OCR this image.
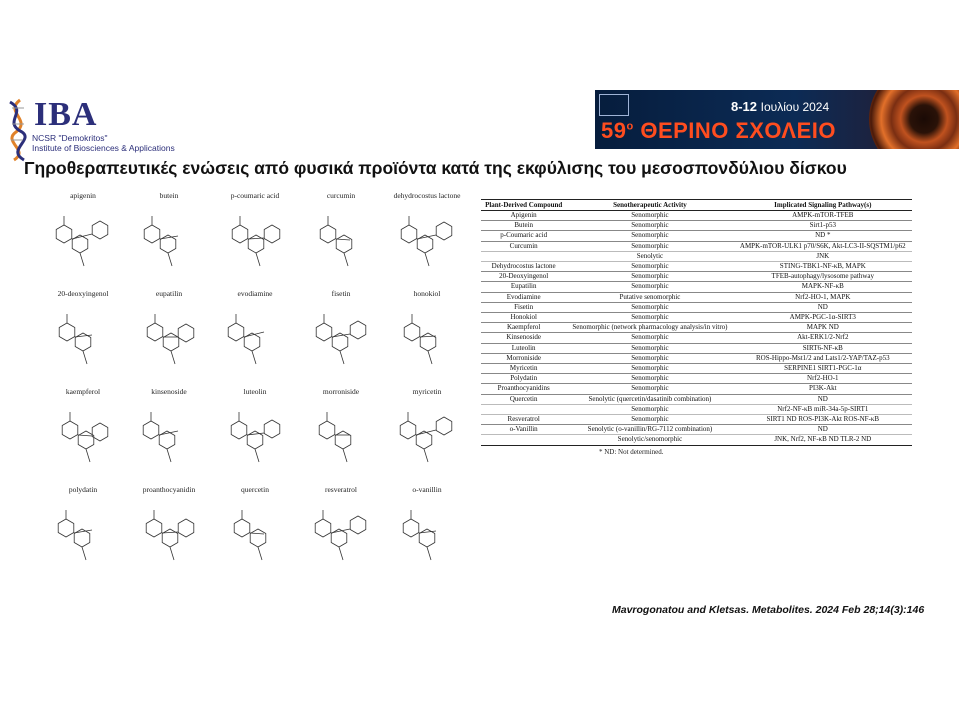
IBA
NCSR "Demokritos"
Institute of Biosciences & Applications
8-12 Ιουλίου 2024
$59^o$ ΘΕΡΙΝΟ ΣΧΟΛΕΙΟ
Γηροθεραπευτικές ενώσεις από φυσικά προϊόντα κατά της εκφύλισης του μεσοσπονδύλιου δίσκου
apigenin	butein	p-coumaric acid	curcumin	dehydrocostus lactone
20-deoxyingenol	eupatilin	evodiamine	fisetin	honokiol
kaempferol	kinsenoside	luteolin	morroniside	myricetin
polydatin	proanthocyanidin	quercetin	resveratrol	o-vanillin
Plant-Derived Compound	Senotherapeutic Activity	Implicated Signaling Pathway(s)
Apigenin	Senomorphic	AMPK-mTOR-TFEB
Butein	Senomorphic	Sirt1-p53
p-Coumaric acid	Senomorphic	ND *
Curcumin	Senomorphic	AMPK-mTOR-ULK1 p70/S6K, Akt-LC3-II-SQSTM1/p62
	Senolytic	JNK
Dehydrocostus lactone	Senomorphic	STING-TBK1-NF-κB, MAPK
20-Deoxyingenol	Senomorphic	TFEB-autophagy/lysosome pathway
Eupatilin	Senomorphic	MAPK-NF-κB
Evodiamine	Putative senomorphic	Nrf2-HO-1, MAPK
Fisetin	Senomorphic	ND
Honokiol	Senomorphic	AMPK-PGC-1α-SIRT3
Kaempferol	Senomorphic (network pharmacology analysis/in vitro)	MAPK ND
Kinsenoside	Senomorphic	Akt-ERK1/2-Nrf2
Luteolin	Senomorphic	SIRT6-NF-κB
Morroniside	Senomorphic	ROS-Hippo-Mst1/2 and Lats1/2-YAP/TAZ-p53
Myricetin	Senomorphic	SERPINE1 SIRT1-PGC-1α
Polydatin	Senomorphic	Nrf2-HO-1
Proanthocyanidins	Senomorphic	PI3K-Akt
Quercetin	Senolytic (quercetin/dasatinib combination)	ND
	Senomorphic	Nrf2-NF-κB miR-34a-5p-SIRT1
Resveratrol	Senomorphic	SIRT1 ND ROS-PI3K-Akt ROS-NF-κB
o-Vanillin	Senolytic (o-vanillin/RG-7112 combination)	ND
	Senolytic/senomorphic	JNK, Nrf2, NF-κB ND TLR-2 ND
* ND: Not determined.
Mavrogonatou and Kletsas. Metabolites. 2024 Feb 28;14(3):146
